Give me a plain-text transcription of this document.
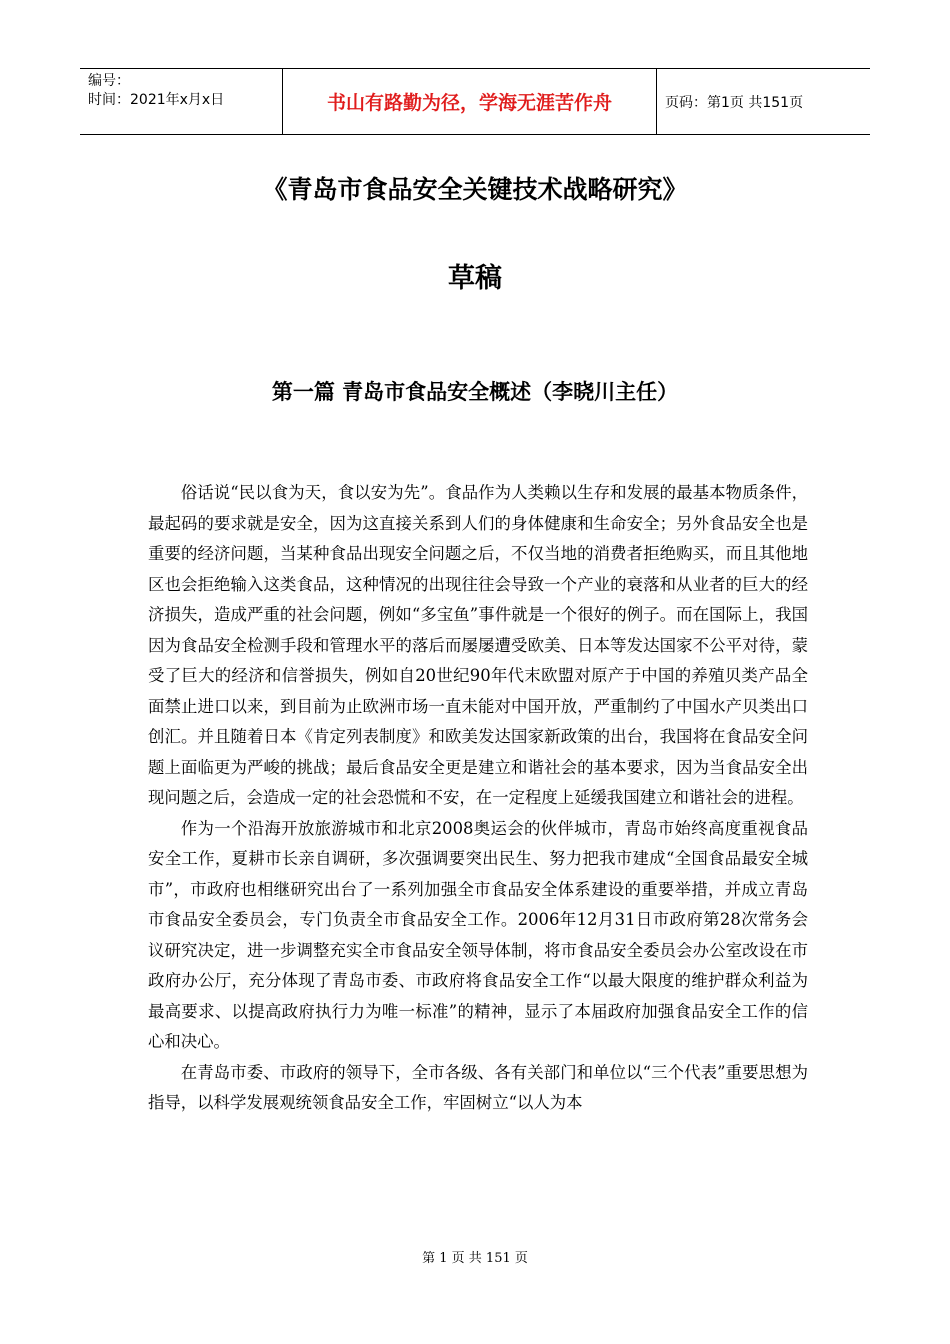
编号：
时间：2021年x月x日	书山有路勤为径，学海无涯苦作舟	页码：第1页 共151页
《青岛市食品安全关键技术战略研究》
草稿
第一篇 青岛市食品安全概述（李晓川主任）

俗话说“民以食为天，食以安为先”。食品作为人类赖以生存和发展的最基本物质条件，最起码的要求就是安全，因为这直接关系到人们的身体健康和生命安全；另外食品安全也是重要的经济问题，当某种食品出现安全问题之后，不仅当地的消费者拒绝购买，而且其他地区也会拒绝输入这类食品，这种情况的出现往往会导致一个产业的衰落和从业者的巨大的经济损失，造成严重的社会问题，例如“多宝鱼”事件就是一个很好的例子。而在国际上，我国因为食品安全检测手段和管理水平的落后而屡屡遭受欧美、日本等发达国家不公平对待，蒙受了巨大的经济和信誉损失，例如自20世纪90年代末欧盟对原产于中国的养殖贝类产品全面禁止进口以来，到目前为止欧洲市场一直未能对中国开放，严重制约了中国水产贝类出口创汇。并且随着日本《肯定列表制度》和欧美发达国家新政策的出台，我国将在食品安全问题上面临更为严峻的挑战；最后食品安全更是建立和谐社会的基本要求，因为当食品安全出现问题之后，会造成一定的社会恐慌和不安，在一定程度上延缓我国建立和谐社会的进程。

作为一个沿海开放旅游城市和北京2008奥运会的伙伴城市，青岛市始终高度重视食品安全工作，夏耕市长亲自调研，多次强调要突出民生、努力把我市建成“全国食品最安全城市”，市政府也相继研究出台了一系列加强全市食品安全体系建设的重要举措，并成立青岛市食品安全委员会，专门负责全市食品安全工作。2006年12月31日市政府第28次常务会议研究决定，进一步调整充实全市食品安全领导体制，将市食品安全委员会办公室改设在市政府办公厅，充分体现了青岛市委、市政府将食品安全工作“以最大限度的维护群众利益为最高要求、以提高政府执行力为唯一标准”的精神，显示了本届政府加强食品安全工作的信心和决心。

在青岛市委、市政府的领导下，全市各级、各有关部门和单位以“三个代表”重要思想为指导，以科学发展观统领食品安全工作，牢固树立“以人为本

第 1 页 共 151 页
